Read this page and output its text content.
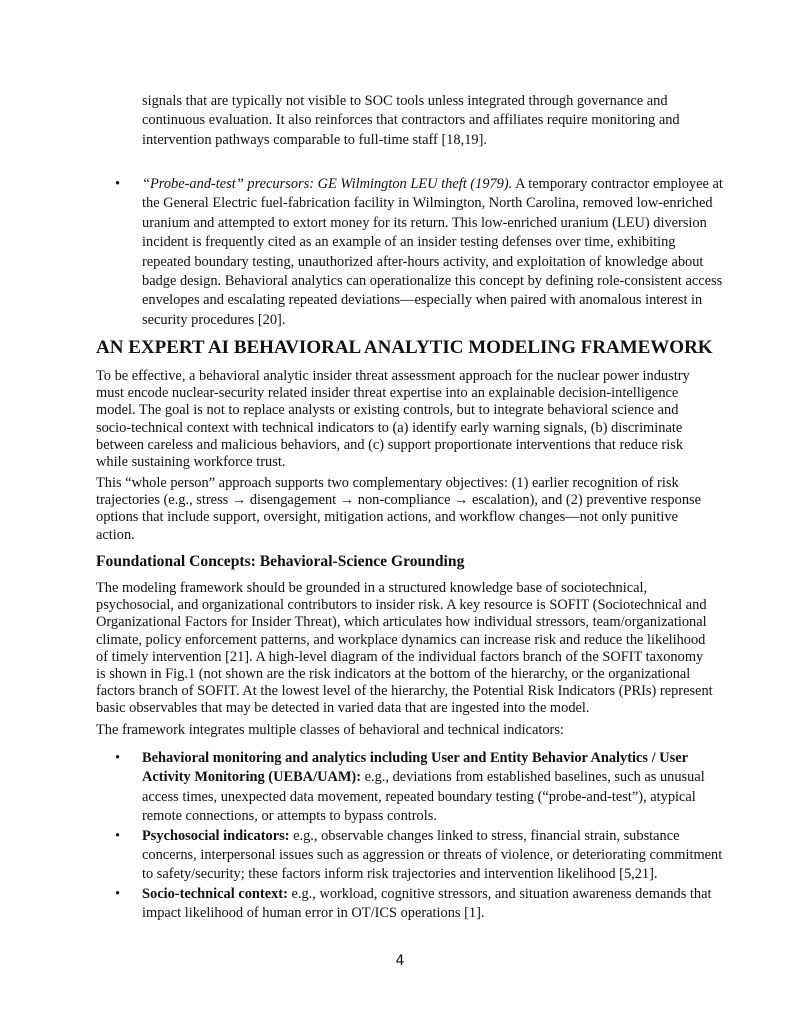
signals that are typically not visible to SOC tools unless integrated through governance and continuous evaluation. It also reinforces that contractors and affiliates require monitoring and intervention pathways comparable to full-time staff [18,19].
• “Probe-and-test” precursors: GE Wilmington LEU theft (1979). A temporary contractor employee at the General Electric fuel-fabrication facility in Wilmington, North Carolina, removed low-enriched uranium and attempted to extort money for its return. This low-enriched uranium (LEU) diversion incident is frequently cited as an example of an insider testing defenses over time, exhibiting repeated boundary testing, unauthorized after-hours activity, and exploitation of knowledge about badge design. Behavioral analytics can operationalize this concept by defining role-consistent access envelopes and escalating repeated deviations—especially when paired with anomalous interest in security procedures [20].
AN EXPERT AI BEHAVIORAL ANALYTIC MODELING FRAMEWORK
To be effective, a behavioral analytic insider threat assessment approach for the nuclear power industry must encode nuclear-security related insider threat expertise into an explainable decision-intelligence model. The goal is not to replace analysts or existing controls, but to integrate behavioral science and socio-technical context with technical indicators to (a) identify early warning signals, (b) discriminate between careless and malicious behaviors, and (c) support proportionate interventions that reduce risk while sustaining workforce trust.
This “whole person” approach supports two complementary objectives: (1) earlier recognition of risk trajectories (e.g., stress → disengagement → non-compliance → escalation), and (2) preventive response options that include support, oversight, mitigation actions, and workflow changes—not only punitive action.
Foundational Concepts: Behavioral-Science Grounding
The modeling framework should be grounded in a structured knowledge base of sociotechnical, psychosocial, and organizational contributors to insider risk. A key resource is SOFIT (Sociotechnical and Organizational Factors for Insider Threat), which articulates how individual stressors, team/organizational climate, policy enforcement patterns, and workplace dynamics can increase risk and reduce the likelihood of timely intervention [21]. A high-level diagram of the individual factors branch of the SOFIT taxonomy is shown in Fig.1 (not shown are the risk indicators at the bottom of the hierarchy, or the organizational factors branch of SOFIT. At the lowest level of the hierarchy, the Potential Risk Indicators (PRIs) represent basic observables that may be detected in varied data that are ingested into the model.
The framework integrates multiple classes of behavioral and technical indicators:
• Behavioral monitoring and analytics including User and Entity Behavior Analytics / User Activity Monitoring (UEBA/UAM): e.g., deviations from established baselines, such as unusual access times, unexpected data movement, repeated boundary testing (“probe-and-test”), atypical remote connections, or attempts to bypass controls.
• Psychosocial indicators: e.g., observable changes linked to stress, financial strain, substance concerns, interpersonal issues such as aggression or threats of violence, or deteriorating commitment to safety/security; these factors inform risk trajectories and intervention likelihood [5,21].
• Socio-technical context: e.g., workload, cognitive stressors, and situation awareness demands that impact likelihood of human error in OT/ICS operations [1].
4
